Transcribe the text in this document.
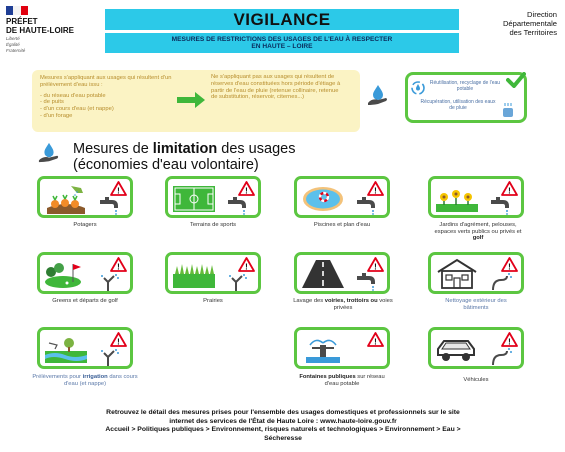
PRÉFET
DE HAUTE-LOIRE
Liberté
Égalité
Fraternité
VIGILANCE
MESURES DE RESTRICTIONS DES USAGES DE L'EAU À RESPECTER
EN HAUTE – LOIRE
Direction
Départementale
des Territoires
Mesures s'appliquant aux usages qui résultent d'un prélèvement d'eau issu :
- du réseau d'eau potable
- de puits
- d'un cours d'eau (et nappe)
- d'un forage
Ne s'appliquant pas aux usages qui résultent de réserves d'eau constituées hors période d'étiage à partir de l'eau de pluie (retenue collinaire, retenue de substitution, réservoir, citernes...)
Réutilisation, recyclage de l'eau potable
Récupération, utilisation des eaux de pluie
Mesures de limitation des usages
(économies d'eau volontaire)
!
Potagers
!
Terrains de sports
!
Piscines et plan d'eau
!
Jardins d'agrément, pelouses, espaces verts publics ou privés et golf
!
Greens et départs de golf
!
Prairies
!
Lavage des voiries, trottoirs ou voies privées
!
Nettoyage extérieur des
bâtiments
!
Prélèvements pour irrigation dans cours d'eau (et nappe)
!
Fontaines publiques sur réseau d'eau potable
!
Véhicules
Retrouvez le détail des mesures prises pour l'ensemble des usages domestiques et professionnels sur le site
internet des services de l'État de Haute Loire : www.haute-loire.gouv.fr
Accueil > Politiques publiques > Environnement, risques naturels et technologiques > Environnement > Eau >
Sécheresse
